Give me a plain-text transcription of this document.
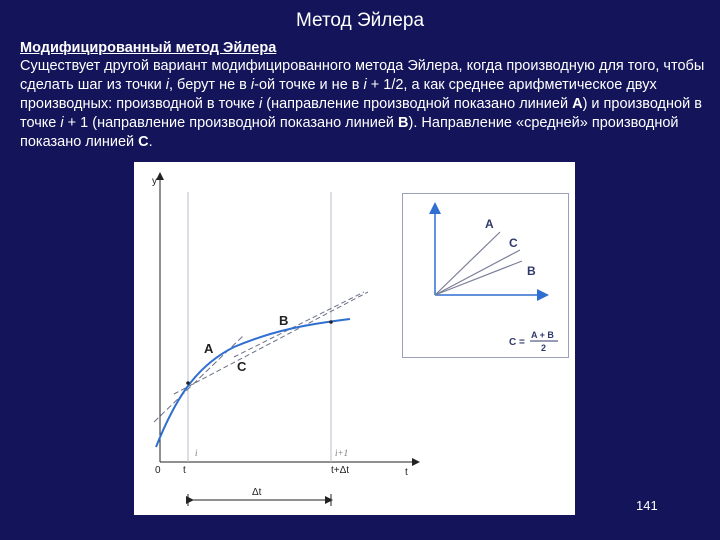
Метод Эйлера
Модифицированный метод Эйлера
Существует другой вариант модифицированного метода Эйлера, когда производную для того, чтобы сделать шаг из точки i, берут не в i-ой точке и не в i + 1/2, а как среднее арифметическое двух производных: производной в точке i (направление производной показано линией А) и производной в точке i + 1 (направление производной показано линией В). Направление «средней» производной показано линией С.
y
0	t
t	t+Δt
i	i+1
A
B
C
Δt
A
C
B
C =
A + B
2
141
